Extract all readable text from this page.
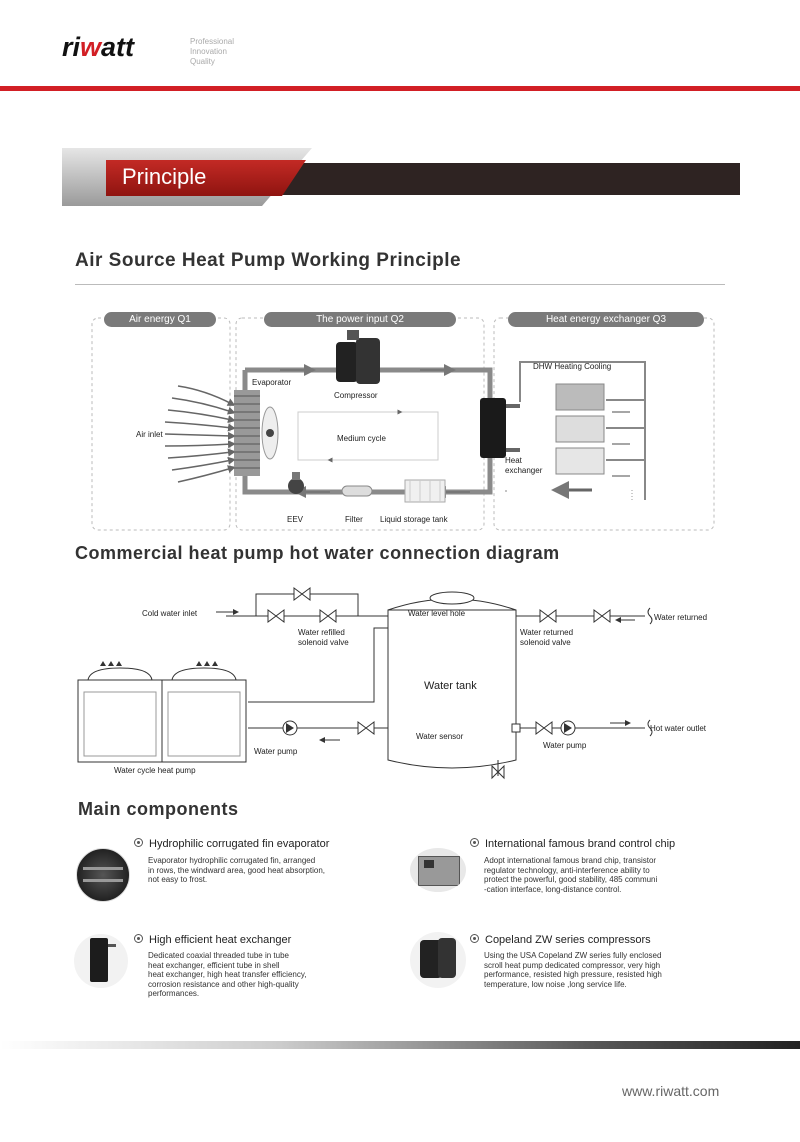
riwatt	Professional
Innovation
Quality
Principle
Air Source Heat Pump Working Principle
Air energy Q1	The power input Q2	Heat energy exchanger Q3
Evaporator
Compressor
Air inlet	Medium cycle
EEV	Filter Liquid storage tank
DHW Heating Cooling
Heat
exchanger
Commercial heat pump hot water connection diagram
Cold water inlet
Water refilled
solenoid valve
Water level hole
Water returned
solenoid valve
Water returned
Water tank
Water sensor
Water pump
Water pump
Hot water outlet
Water cycle heat pump
Main components
Hydrophilic corrugated fin evaporator
Evaporator hydrophilic corrugated fin, arranged
in rows, the windward area, good heat absorption,
not easy to frost.
International famous brand control chip
Adopt international famous brand chip, transistor
regulator technology, anti-interference ability to
protect the powerful, good stability, 485 communi
-cation interface, long-distance control.
High efficient heat exchanger
Dedicated coaxial threaded tube in tube
heat exchanger, efficient tube in shell
heat exchanger, high heat transfer efficiency,
corrosion resistance and other high-quality
performances.
Copeland ZW series compressors
Using the USA Copeland ZW series fully enclosed
scroll heat pump dedicated compressor, very high
performance, resisted high pressure, resisted high
temperature, low noise ,long service life.
www.riwatt.com
